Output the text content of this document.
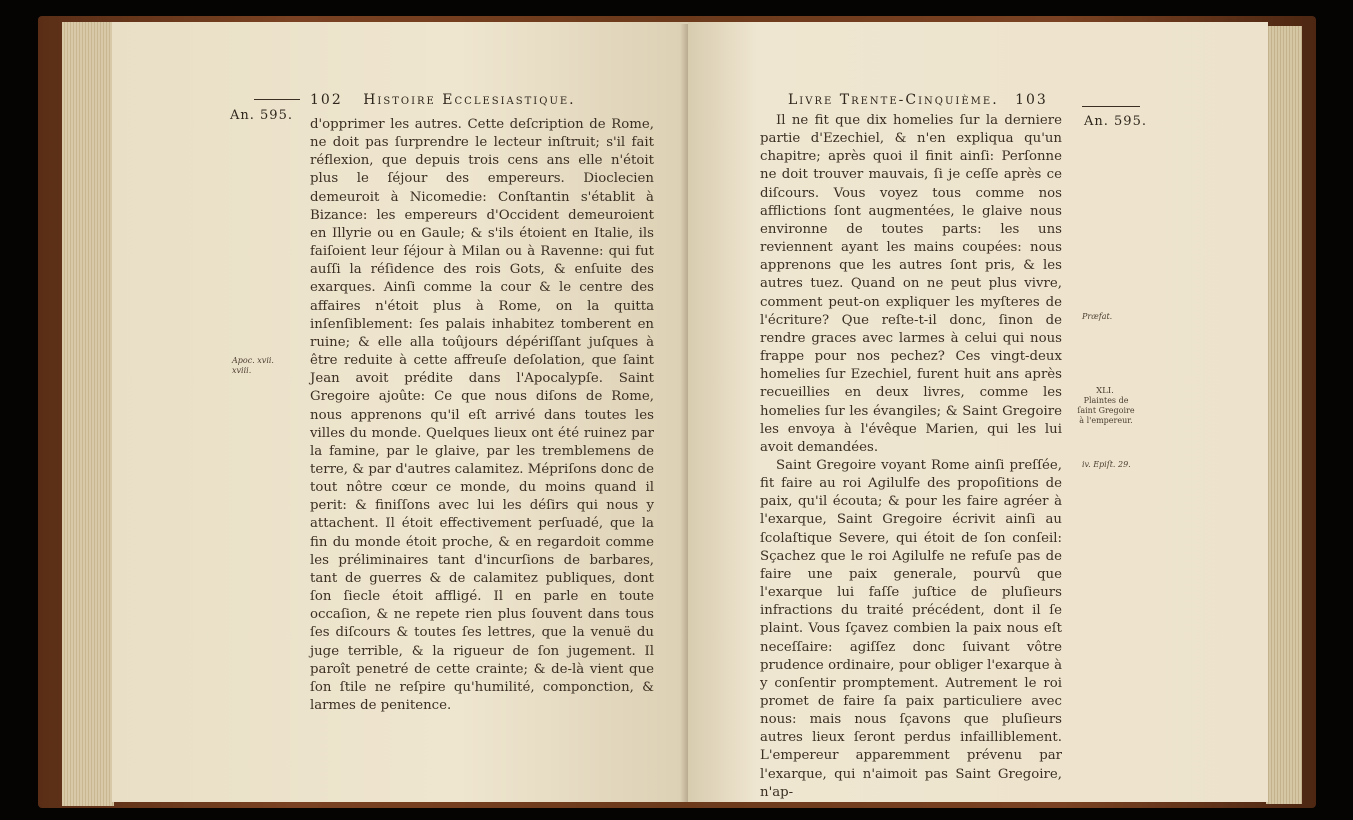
An. 595.
102 Histoire Ecclesiastique.
Apoc. xvii.
xviii.

d'opprimer les autres. Cette deſcription de Rome, ne doit pas ſurprendre le lecteur inſtruit; s'il fait réflexion, que depuis trois cens ans elle n'étoit plus le ſéjour des empereurs. Dioclecien demeuroit à Nicomedie: Conſtantin s'établit à Bizance: les empereurs d'Occident demeuroient en Illyrie ou en Gaule; & s'ils étoient en Italie, ils faiſoient leur ſéjour à Milan ou à Ravenne: qui fut auſſi la réſidence des rois Gots, & enſuite des exarques. Ainſi comme la cour & le centre des affaires n'étoit plus à Rome, on la quitta inſenſiblement: ſes palais inhabitez tomberent en ruine; & elle alla toûjours dépériſſant juſques à être reduite à cette affreuſe deſolation, que ſaint Jean avoit prédite dans l'Apocalypſe. Saint Gregoire ajoûte: Ce que nous diſons de Rome, nous apprenons qu'il eſt arrivé dans toutes les villes du monde. Quelques lieux ont été ruinez par la famine, par le glaive, par les tremblemens de terre, & par d'autres calamitez. Mépriſons donc de tout nôtre cœur ce monde, du moins quand il perit: & finiſſons avec lui les déſirs qui nous y attachent. Il étoit effectivement perſuadé, que la fin du monde étoit proche, & en regardoit comme les préliminaires tant d'incurſions de barbares, tant de guerres & de calamitez publiques, dont ſon ſiecle étoit affligé. Il en parle en toute occaſion, & ne repete rien plus ſouvent dans tous ſes diſcours & toutes ſes lettres, que la venuë du juge terrible, & la rigueur de ſon jugement. Il paroît penetré de cette crainte; & de-là vient que ſon ſtile ne reſpire qu'humilité, componction, & larmes de penitence.

Livre Trente-Cinquième. 103
An. 595.
Præfat.
XLI.
Plaintes de ſaint Gregoire à l'empereur.
iv. Epiſt. 29.

Il ne fit que dix homelies ſur la derniere partie d'Ezechiel, & n'en expliqua qu'un chapitre; après quoi il finit ainſi: Perſonne ne doit trouver mauvais, ſi je ceſſe après ce diſcours. Vous voyez tous comme nos afflictions ſont augmentées, le glaive nous environne de toutes parts: les uns reviennent ayant les mains coupées: nous apprenons que les autres ſont pris, & les autres tuez. Quand on ne peut plus vivre, comment peut-on expliquer les myſteres de l'écriture? Que reſte-t-il donc, ſinon de rendre graces avec larmes à celui qui nous frappe pour nos pechez? Ces vingt-deux homelies ſur Ezechiel, furent huit ans après recueillies en deux livres, comme les homelies ſur les évangiles; & Saint Gregoire les envoya à l'évêque Marien, qui les lui avoit demandées.

Saint Gregoire voyant Rome ainſi preſſée, fit faire au roi Agilulfe des propoſitions de paix, qu'il écouta; & pour les faire agréer à l'exarque, Saint Gregoire écrivit ainſi au ſcolaſtique Severe, qui étoit de ſon conſeil: Sçachez que le roi Agilulfe ne refuſe pas de faire une paix generale, pourvû que l'exarque lui faſſe juſtice de pluſieurs infractions du traité précédent, dont il ſe plaint. Vous ſçavez combien la paix nous eſt neceſſaire: agiſſez donc ſuivant vôtre prudence ordinaire, pour obliger l'exarque à y conſentir promptement. Autrement le roi promet de faire ſa paix particuliere avec nous: mais nous ſçavons que pluſieurs autres lieux ſeront perdus infailliblement. L'empereur apparemment prévenu par l'exarque, qui n'aimoit pas Saint Gregoire, n'ap-
